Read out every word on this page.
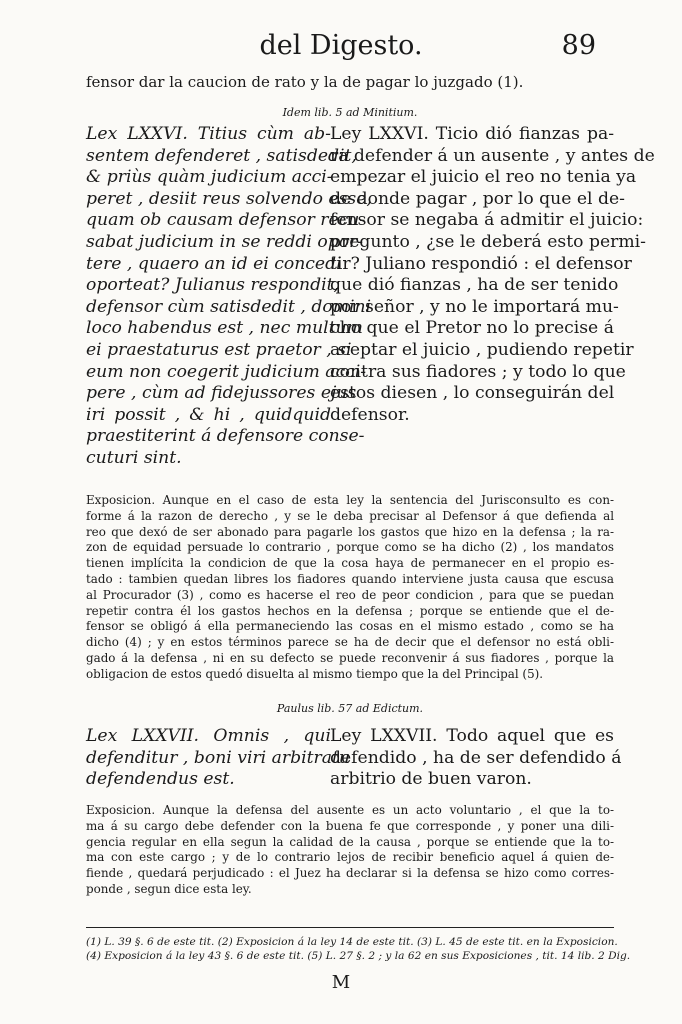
del Digesto.	89
fensor dar la caucion de rato y la de pagar lo juzgado (1).
Idem lib. 5 ad Minitium.
Lex LXXVI. Titius cùm ab-
sentem defenderet , satisdedit,
& priùs quàm judicium acci-
peret , desiit reus solvendo esse,
quam ob causam defensor recu-
sabat judicium in se reddi opor-
tere , quaero an id ei concedi
oporteat? Julianus respondit,
defensor cùm satisdedit , domini
loco habendus est , nec multum
ei praestaturus est praetor , si
eum non coegerit judicium acci-
pere , cùm ad fidejussores ejus
iri possit , & hi , quidquid
praestiterint á defensore conse-
cuturi sint.
Ley LXXVI. Ticio dió fianzas pa-
ra defender á un ausente , y antes de
empezar el juicio el reo no tenia ya
de donde pagar , por lo que el de-
fensor se negaba á admitir el juicio:
pregunto , ¿se le deberá esto permi-
tir? Juliano respondió : el defensor
que dió fianzas , ha de ser tenido
por señor , y no le importará mu-
cho que el Pretor no lo precise á
aceptar el juicio , pudiendo repetir
contra sus fiadores ; y todo lo que
estos diesen , lo conseguirán del
defensor.
Exposicion. Aunque en el caso de esta ley la sentencia del Jurisconsulto es con-
forme á la razon de derecho , y se le deba precisar al Defensor á que defienda al
reo que dexó de ser abonado para pagarle los gastos que hizo en la defensa ; la ra-
zon de equidad persuade lo contrario , porque como se ha dicho (2) , los mandatos
tienen implícita la condicion de que la cosa haya de permanecer en el propio es-
tado : tambien quedan libres los fiadores quando interviene justa causa que escusa
al Procurador (3) , como es hacerse el reo de peor condicion , para que se puedan
repetir contra él los gastos hechos en la defensa ; porque se entiende que el de-
fensor se obligó á ella permaneciendo las cosas en el mismo estado , como se ha
dicho (4) ; y en estos términos parece se ha de decir que el defensor no está obli-
gado á la defensa , ni en su defecto se puede reconvenir á sus fiadores , porque la
obligacion de estos quedó disuelta al mismo tiempo que la del Principal (5).
Paulus lib. 57 ad Edictum.
Lex LXXVII. Omnis , qui
defenditur , boni viri arbitratu
defendendus est.
Ley LXXVII. Todo aquel que es
defendido , ha de ser defendido á
arbitrio de buen varon.
Exposicion. Aunque la defensa del ausente es un acto voluntario , el que la to-
ma á su cargo debe defender con la buena fe que corresponde , y poner una dili-
gencia regular en ella segun la calidad de la causa , porque se entiende que la to-
ma con este cargo ; y de lo contrario lejos de recibir beneficio aquel á quien de-
fiende , quedará perjudicado : el Juez ha declarar si la defensa se hizo como corres-
ponde , segun dice esta ley.
(1) L. 39 §. 6 de este tit. (2) Exposicion á la ley 14 de este tit. (3) L. 45 de este tit. en la Exposicion.
(4) Exposicion á la ley 43 §. 6 de este tit. (5) L. 27 §. 2 ; y la 62 en sus Exposiciones , tit. 14 lib. 2 Dig.
M
